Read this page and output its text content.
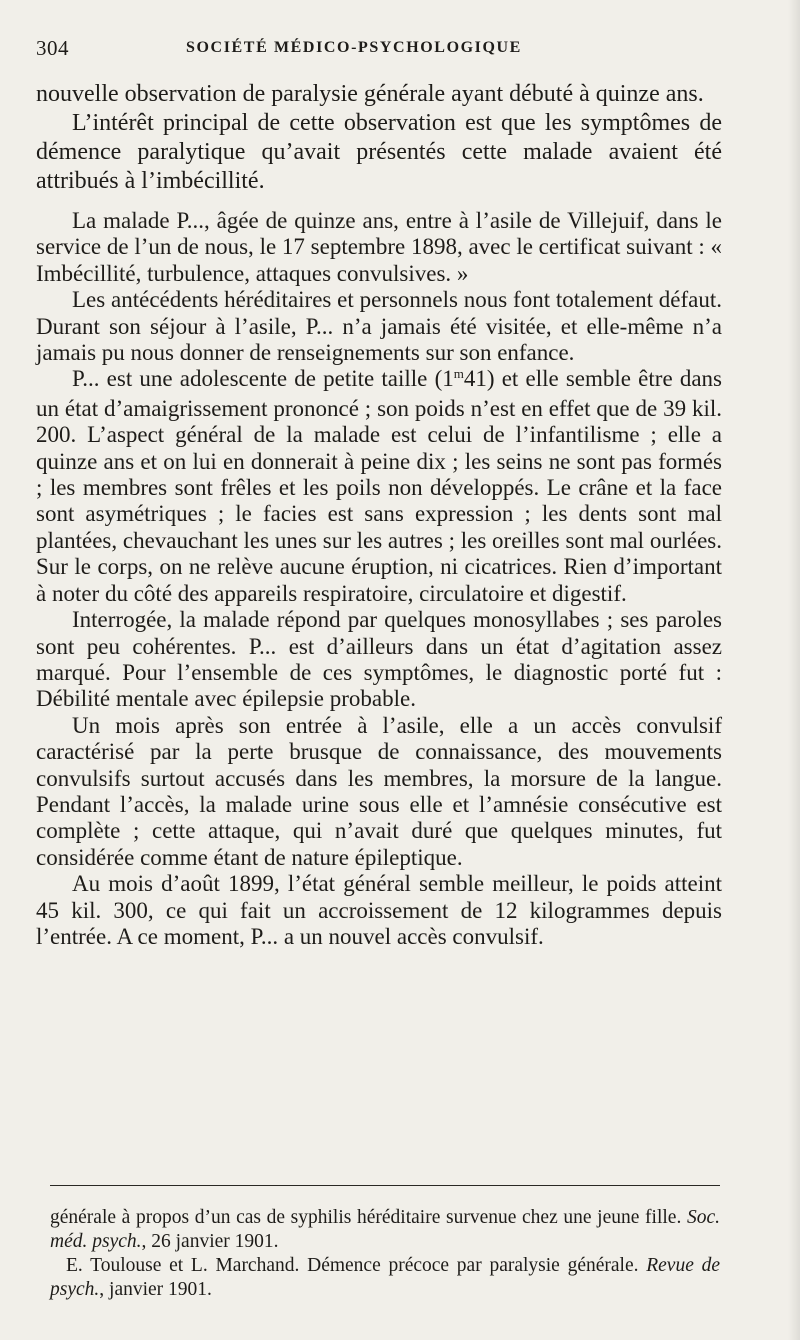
304	SOCIÉTÉ MÉDICO-PSYCHOLOGIQUE

nouvelle observation de paralysie générale ayant débuté à quinze ans.

L’intérêt principal de cette observation est que les symptômes de démence paralytique qu’avait présentés cette malade avaient été attribués à l’imbécillité.

La malade P..., âgée de quinze ans, entre à l’asile de Villejuif, dans le service de l’un de nous, le 17 septembre 1898, avec le certificat suivant : « Imbécillité, turbulence, attaques convulsives. »

Les antécédents héréditaires et personnels nous font totalement défaut. Durant son séjour à l’asile, P... n’a jamais été visitée, et elle-même n’a jamais pu nous donner de renseignements sur son enfance.

P... est une adolescente de petite taille (1$^m$41) et elle semble être dans un état d’amaigrissement prononcé ; son poids n’est en effet que de 39 kil. 200. L’aspect général de la malade est celui de l’infantilisme ; elle a quinze ans et on lui en donnerait à peine dix ; les seins ne sont pas formés ; les membres sont frêles et les poils non développés. Le crâne et la face sont asymétriques ; le facies est sans expression ; les dents sont mal plantées, chevauchant les unes sur les autres ; les oreilles sont mal ourlées. Sur le corps, on ne relève aucune éruption, ni cicatrices. Rien d’important à noter du côté des appareils respiratoire, circulatoire et digestif.

Interrogée, la malade répond par quelques monosyllabes ; ses paroles sont peu cohérentes. P... est d’ailleurs dans un état d’agitation assez marqué. Pour l’ensemble de ces symptômes, le diagnostic porté fut : Débilité mentale avec épilepsie probable.

Un mois après son entrée à l’asile, elle a un accès convulsif caractérisé par la perte brusque de connaissance, des mouvements convulsifs surtout accusés dans les membres, la morsure de la langue. Pendant l’accès, la malade urine sous elle et l’amnésie consécutive est complète ; cette attaque, qui n’avait duré que quelques minutes, fut considérée comme étant de nature épileptique.

Au mois d’août 1899, l’état général semble meilleur, le poids atteint 45 kil. 300, ce qui fait un accroissement de 12 kilogrammes depuis l’entrée. A ce moment, P... a un nouvel accès convulsif.

générale à propos d’un cas de syphilis héréditaire survenue chez une jeune fille. Soc. méd. psych., 26 janvier 1901.

E. Toulouse et L. Marchand. Démence précoce par paralysie générale. Revue de psych., janvier 1901.
